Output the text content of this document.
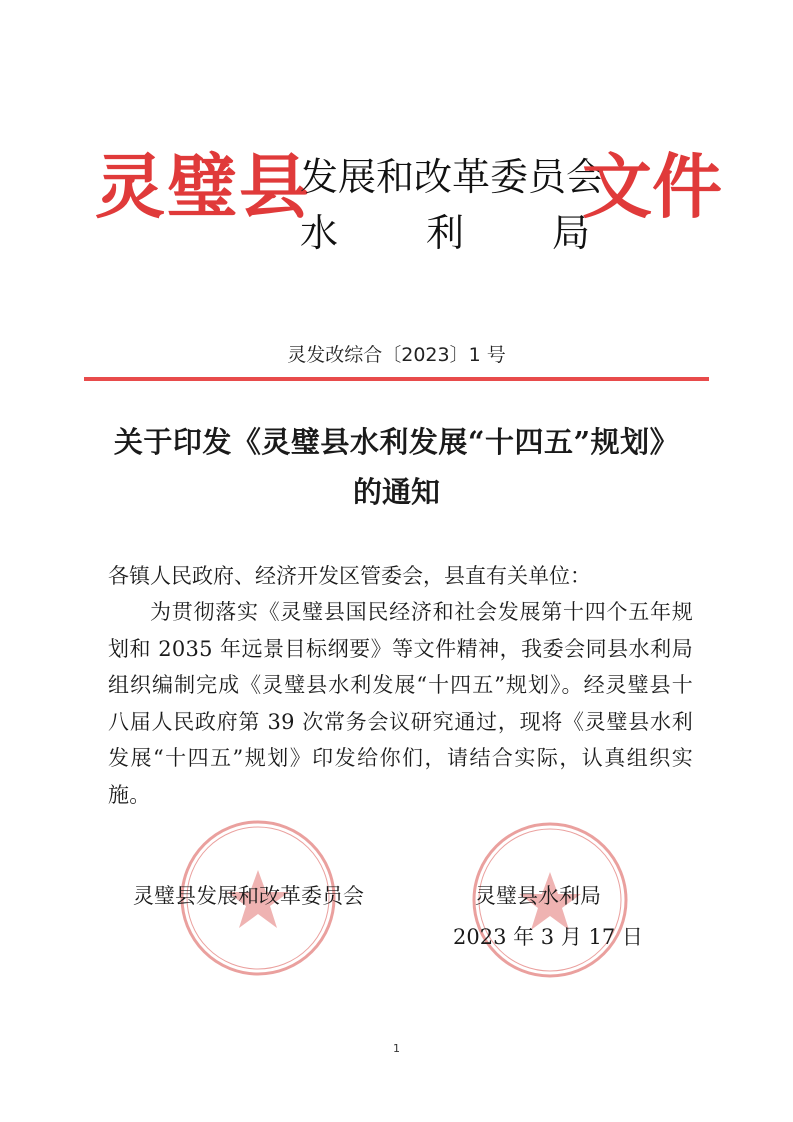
灵璧县
发展和改革委员会
水 利 局
文件
灵发改综合〔2023〕1 号
关于印发《灵璧县水利发展“十四五”规划》
的通知
各镇人民政府、经济开发区管委会，县直有关单位：
为贯彻落实《灵璧县国民经济和社会发展第十四个五年规划和 2035 年远景目标纲要》等文件精神，我委会同县水利局组织编制完成《灵璧县水利发展“十四五”规划》。经灵璧县十八届人民政府第 39 次常务会议研究通过，现将《灵璧县水利发展“十四五”规划》印发给你们，请结合实际，认真组织实施。
灵璧县发展和改革委员会	灵璧县水利局
2023 年 3 月 17 日
1
